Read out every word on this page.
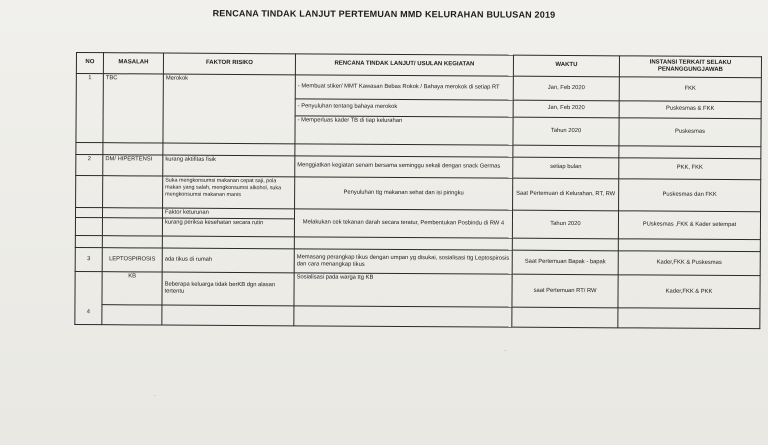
RENCANA TINDAK LANJUT PERTEMUAN MMD KELURAHAN BULUSAN 2019
NO	MASALAH	FAKTOR RISIKO	RENCANA TINDAK LANJUT/ USULAN KEGIATAN	WAKTU	INSTANSI TERKAIT SELAKU PENANGGUNGJAWAB
1	TBC	Merokok	- Membuat stiker/ MMT Kawasan Bebas Rokok / Bahaya merokok di setiap RT	Jan, Feb 2020	FKK
			- Penyuluhan tentang bahaya merokok	Jan, Feb 2020	Puskesmas & FKK
			- Memperluas kader TB di tiap kelurahan	Tahun 2020	Puskesmas

2	DM/ HIPERTENSI	kurang aktifitas fisik	Menggiatkan kegiatan senam bersama seminggu sekali dengan snack Germas	setiap bulan	PKK, FKK
		Suka mengkonsumsi makanan cepat saji, pola makan yang salah, mengkonsumsi alkohol, suka mengkonsumsi makanan manis	Penyuluhan ttg makanan sehat dan isi piringku	Saat Pertemuan di Kelurahan, RT, RW	Puskesmas dan FKK
		Faktor keturunan	Melakukan cek tekanan darah secara teratur, Pembentukan Posbindu di RW 4	Tahun 2020	PUskesmas ,FKK & Kader setempat
		kurang periksa kesehatan secara rutin			

3	LEPTOSPIROSIS	ada tikus di rumah	Memasang perangkap tikus dengan umpan yg disukai, sosialisasi ttg Leptospirosis dan cara menangkap tikus	Saat Pertemuan Bapak - bapak	Kader,FKK & Puskesmas
4	KB	Beberapa keluarga tidak berKB dgn alasan tertentu	Sosialisasi pada warga ttg KB	saat Pertemuan RT/ RW	Kader,FKK & PKK

·
·
